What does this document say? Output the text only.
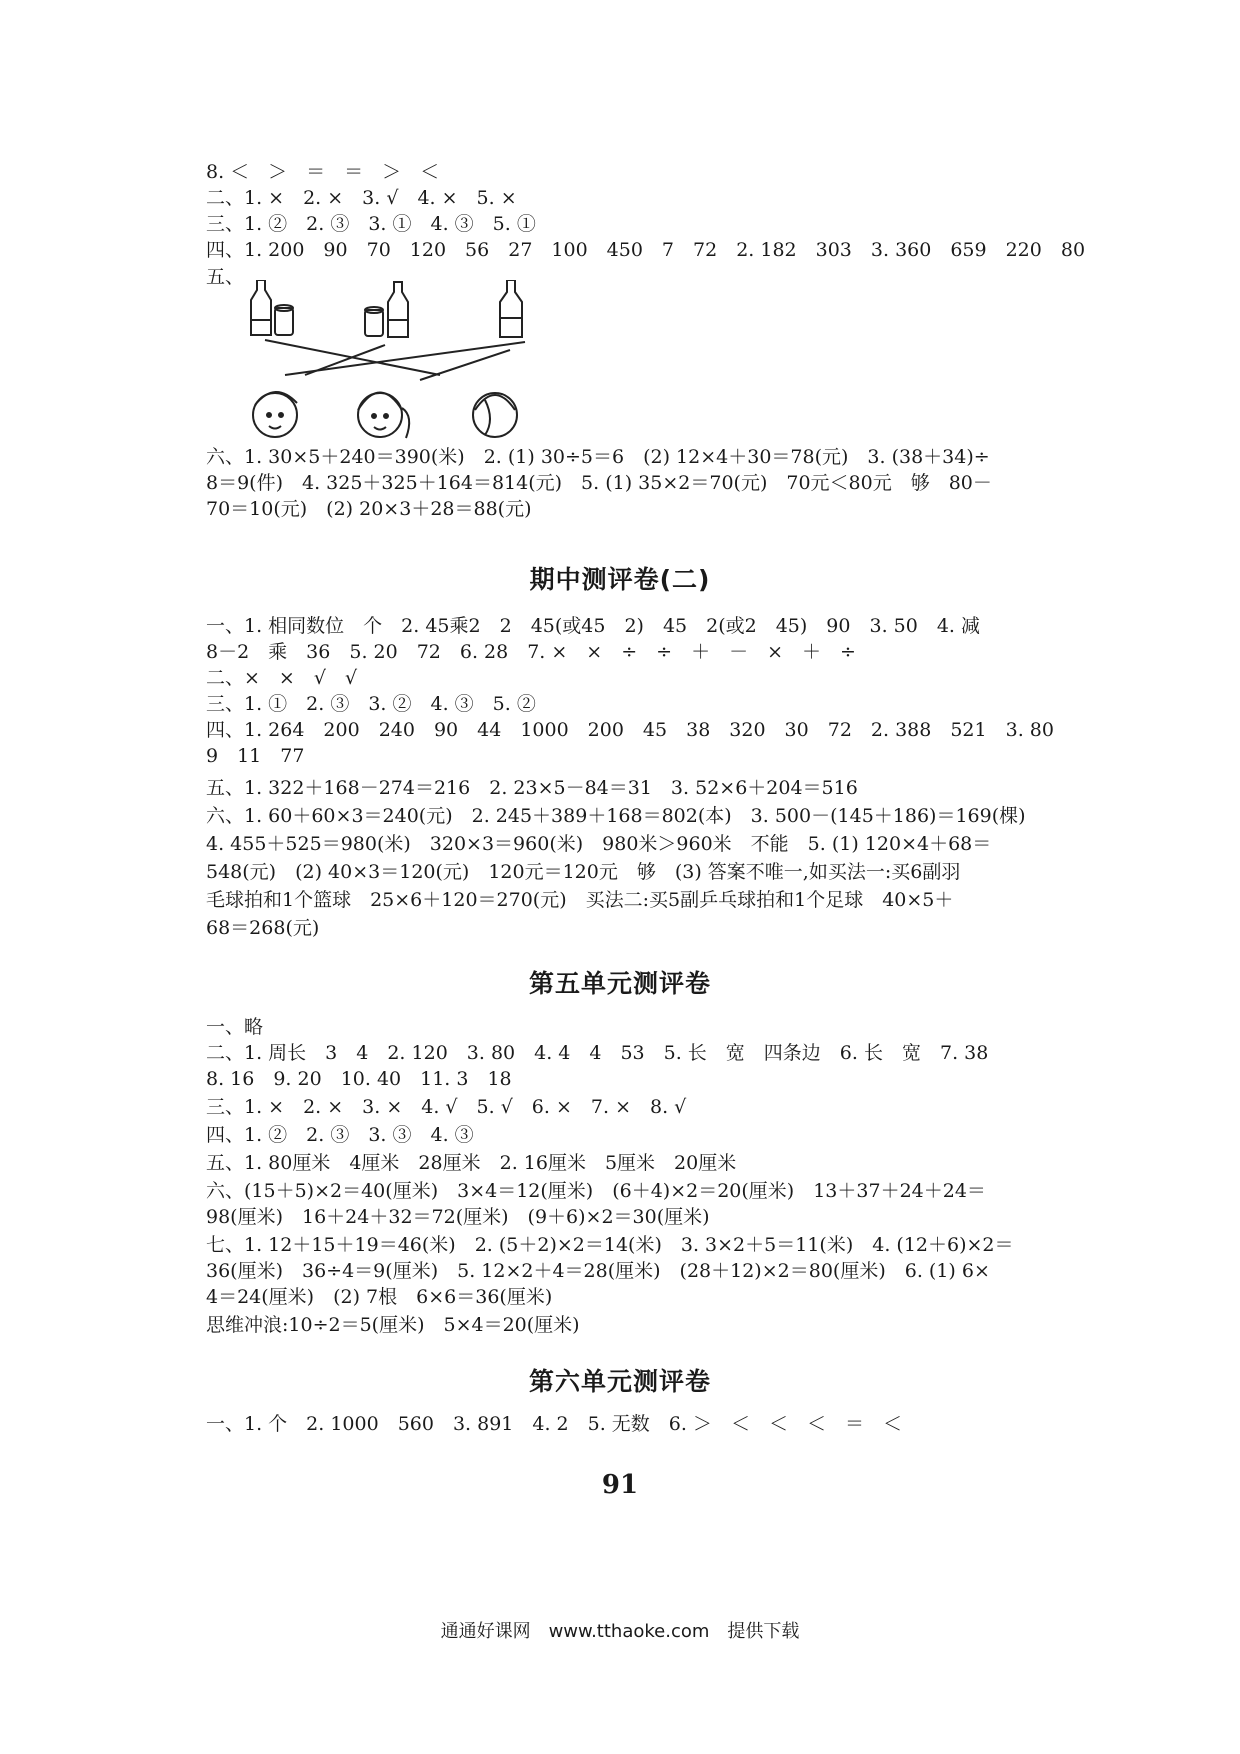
8. ＜　＞　＝　＝　＞　＜
二、1. ×　2. ×　3. √　4. ×　5. ×
三、1. ②　2. ③　3. ①　4. ③　5. ①
四、1. 200　90　70　120　56　27　100　450　7　72　2. 182　303　3. 360　659　220　80
五、
六、1. 30×5＋240＝390(米)　2. (1) 30÷5＝6　(2) 12×4＋30＝78(元)　3. (38＋34)÷
8＝9(件)　4. 325＋325＋164＝814(元)　5. (1) 35×2＝70(元)　70元＜80元　够　80－
70＝10(元)　(2) 20×3＋28＝88(元)
期中测评卷(二)
一、1. 相同数位　个　2. 45乘2　2　45(或45　2)　45　2(或2　45)　90　3. 50　4. 减
8－2　乘　36　5. 20　72　6. 28　7. ×　×　÷　÷　＋　－　×　＋　÷
二、×　×　√　√
三、1. ①　2. ③　3. ②　4. ③　5. ②
四、1. 264　200　240　90　44　1000　200　45　38　320　30　72　2. 388　521　3. 80
9　11　77
五、1. 322＋168－274＝216　2. 23×5－84＝31　3. 52×6＋204＝516
六、1. 60＋60×3＝240(元)　2. 245＋389＋168＝802(本)　3. 500－(145＋186)＝169(棵)
4. 455＋525＝980(米)　320×3＝960(米)　980米＞960米　不能　5. (1) 120×4＋68＝
548(元)　(2) 40×3＝120(元)　120元＝120元　够　(3) 答案不唯一,如买法一:买6副羽
毛球拍和1个篮球　25×6＋120＝270(元)　买法二:买5副乒乓球拍和1个足球　40×5＋
68＝268(元)
第五单元测评卷
一、略
二、1. 周长　3　4　2. 120　3. 80　4. 4　4　53　5. 长　宽　四条边　6. 长　宽　7. 38
8. 16　9. 20　10. 40　11. 3　18
三、1. ×　2. ×　3. ×　4. √　5. √　6. ×　7. ×　8. √
四、1. ②　2. ③　3. ③　4. ③
五、1. 80厘米　4厘米　28厘米　2. 16厘米　5厘米　20厘米
六、(15＋5)×2＝40(厘米)　3×4＝12(厘米)　(6＋4)×2＝20(厘米)　13＋37＋24＋24＝
98(厘米)　16＋24＋32＝72(厘米)　(9＋6)×2＝30(厘米)
七、1. 12＋15＋19＝46(米)　2. (5＋2)×2＝14(米)　3. 3×2＋5＝11(米)　4. (12＋6)×2＝
36(厘米)　36÷4＝9(厘米)　5. 12×2＋4＝28(厘米)　(28＋12)×2＝80(厘米)　6. (1) 6×
4＝24(厘米)　(2) 7根　6×6＝36(厘米)
思维冲浪:10÷2＝5(厘米)　5×4＝20(厘米)
第六单元测评卷
一、1. 个　2. 1000　560　3. 891　4. 2　5. 无数　6. ＞　＜　＜　＜　＝　＜
91
通通好课网　www.tthaoke.com　提供下载
